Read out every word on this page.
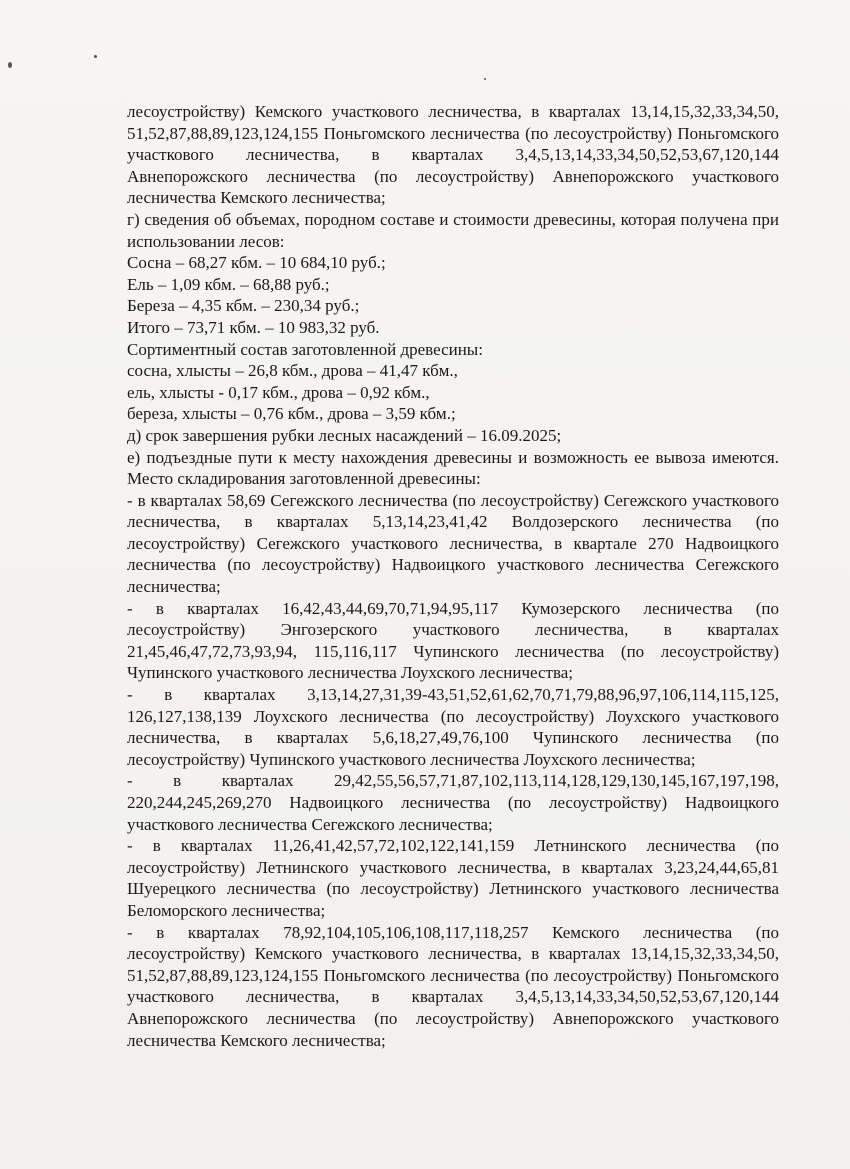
лесоустройству) Кемского участкового лесничества, в кварталах 13,14,15,32,33,34,50, 51,52,87,88,89,123,124,155 Поньгомского лесничества (по лесоустройству) Поньгомского участкового лесничества, в кварталах 3,4,5,13,14,33,34,50,52,53,67,120,144 Авнепорожского лесничества (по лесоустройству) Авнепорожского участкового лесничества Кемского лесничества;

г) сведения об объемах, породном составе и стоимости древесины, которая получена при использовании лесов:

Сосна – 68,27 кбм. – 10 684,10 руб.;

Ель – 1,09 кбм. – 68,88 руб.;

Береза – 4,35 кбм. – 230,34 руб.;

Итого – 73,71 кбм. – 10 983,32 руб.

Сортиментный состав заготовленной древесины:

сосна, хлысты – 26,8 кбм., дрова – 41,47 кбм.,

ель, хлысты - 0,17 кбм., дрова – 0,92 кбм.,

береза, хлысты – 0,76 кбм., дрова – 3,59 кбм.;

д) срок завершения рубки лесных насаждений – 16.09.2025;

е) подъездные пути к месту нахождения древесины и возможность ее вывоза имеются. Место складирования заготовленной древесины:

- в кварталах 58,69 Сегежского лесничества (по лесоустройству) Сегежского участкового лесничества, в кварталах 5,13,14,23,41,42 Волдозерского лесничества (по лесоустройству) Сегежского участкового лесничества, в квартале 270 Надвоицкого лесничества (по лесоустройству) Надвоицкого участкового лесничества Сегежского лесничества;

- в кварталах 16,42,43,44,69,70,71,94,95,117 Кумозерского лесничества (по лесоустройству) Энгозерского участкового лесничества, в кварталах 21,45,46,47,72,73,93,94, 115,116,117 Чупинского лесничества (по лесоустройству) Чупинского участкового лесничества Лоухского лесничества;

- в кварталах 3,13,14,27,31,39-43,51,52,61,62,70,71,79,88,96,97,106,114,115,125, 126,127,138,139 Лоухского лесничества (по лесоустройству) Лоухского участкового лесничества, в кварталах 5,6,18,27,49,76,100 Чупинского лесничества (по лесоустройству) Чупинского участкового лесничества Лоухского лесничества;

- в кварталах 29,42,55,56,57,71,87,102,113,114,128,129,130,145,167,197,198, 220,244,245,269,270 Надвоицкого лесничества (по лесоустройству) Надвоицкого участкового лесничества Сегежского лесничества;

- в кварталах 11,26,41,42,57,72,102,122,141,159 Летнинского лесничества (по лесоустройству) Летнинского участкового лесничества, в кварталах 3,23,24,44,65,81 Шуерецкого лесничества (по лесоустройству) Летнинского участкового лесничества Беломорского лесничества;

- в кварталах 78,92,104,105,106,108,117,118,257 Кемского лесничества (по лесоустройству) Кемского участкового лесничества, в кварталах 13,14,15,32,33,34,50, 51,52,87,88,89,123,124,155 Поньгомского лесничества (по лесоустройству) Поньгомского участкового лесничества, в кварталах 3,4,5,13,14,33,34,50,52,53,67,120,144 Авнепорожского лесничества (по лесоустройству) Авнепорожского участкового лесничества Кемского лесничества;
